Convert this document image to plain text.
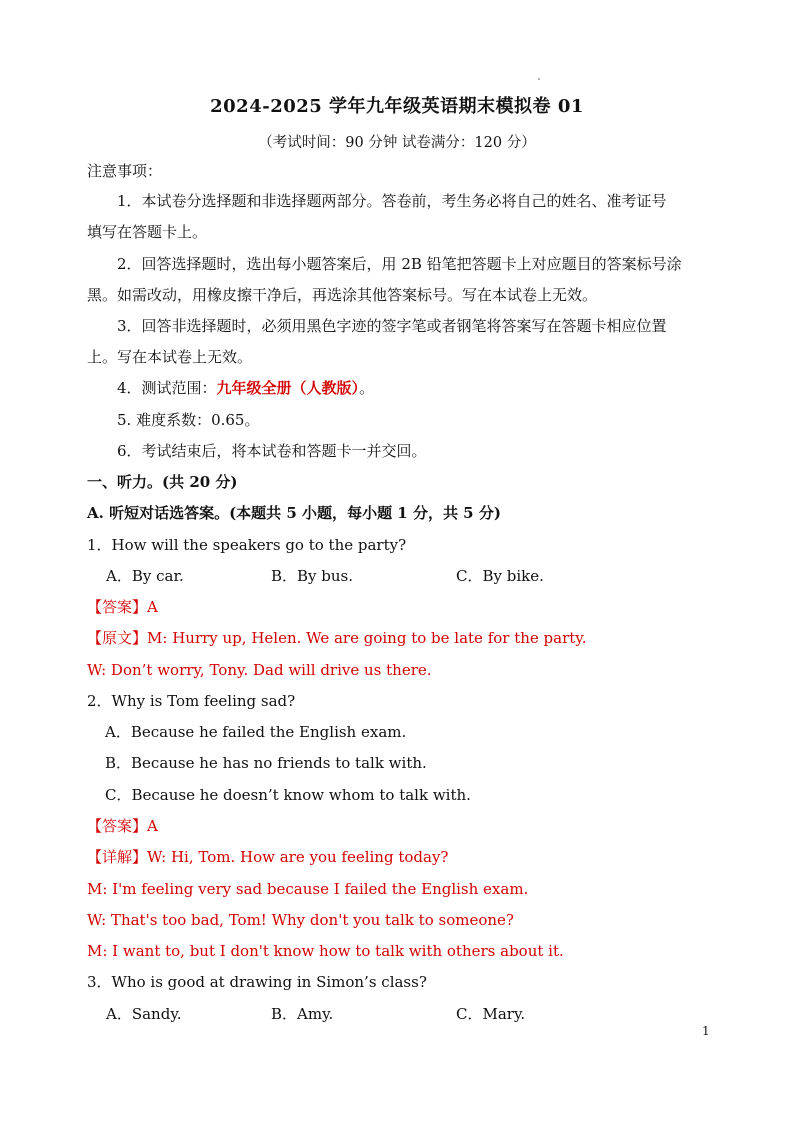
2024-2025 学年九年级英语期末模拟卷 01
（考试时间：90 分钟 试卷满分：120 分）
注意事项：
1．本试卷分选择题和非选择题两部分。答卷前，考生务必将自己的姓名、准考证号
填写在答题卡上。
2．回答选择题时，选出每小题答案后，用 2B 铅笔把答题卡上对应题目的答案标号涂
黑。如需改动，用橡皮擦干净后，再选涂其他答案标号。写在本试卷上无效。
3．回答非选择题时，必须用黑色字迹的签字笔或者钢笔将答案写在答题卡相应位置
上。写在本试卷上无效。
4．测试范围：九年级全册（人教版）。
5. 难度系数：0.65。
6．考试结束后，将本试卷和答题卡一并交回。
一、听力。(共 20 分)
A. 听短对话选答案。(本题共 5 小题，每小题 1 分，共 5 分)
1．How will the speakers go to the party?
A．By car.	B．By bus.	C．By bike.
【答案】A
【原文】M: Hurry up, Helen. We are going to be late for the party.
W: Don’t worry, Tony. Dad will drive us there.
2．Why is Tom feeling sad?
A．Because he failed the English exam.
B．Because he has no friends to talk with.
C．Because he doesn’t know whom to talk with.
【答案】A
【详解】W: Hi, Tom. How are you feeling today?
M: I'm feeling very sad because I failed the English exam.
W: That's too bad, Tom! Why don't you talk to someone?
M: I want to, but I don't know how to talk with others about it.
3．Who is good at drawing in Simon’s class?
A．Sandy.	B．Amy.	C．Mary.
1
